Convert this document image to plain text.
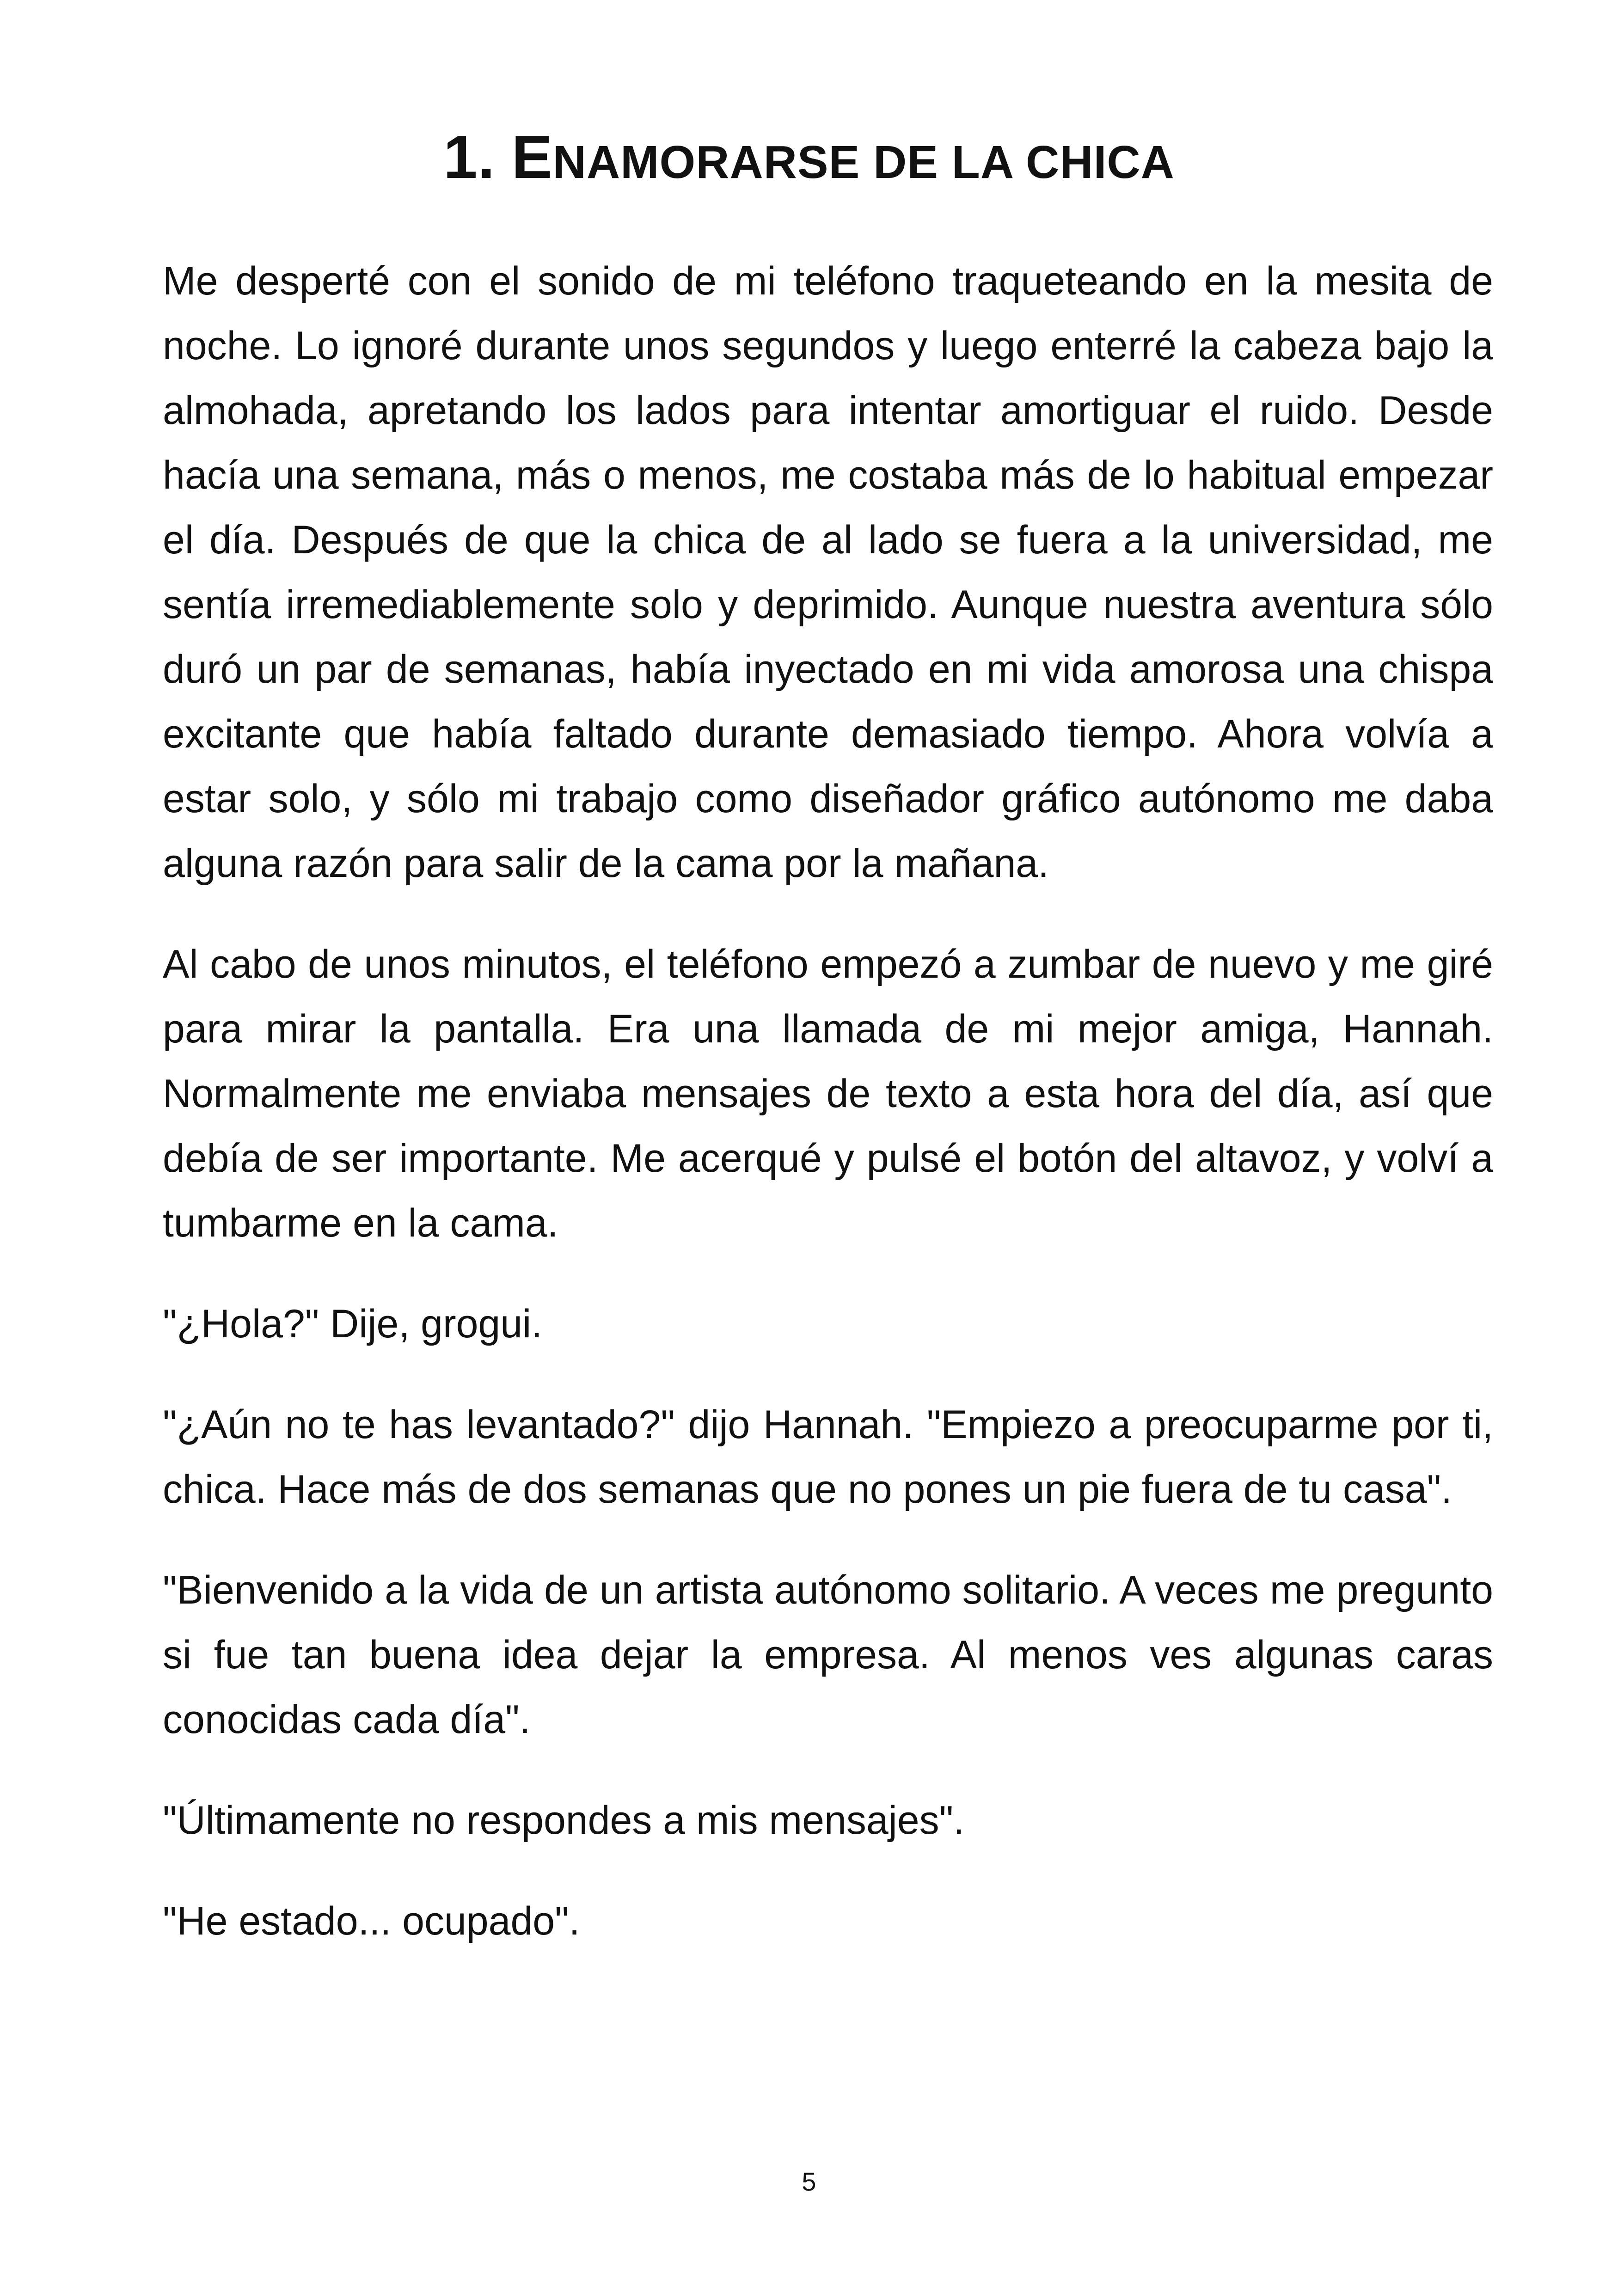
1. ENAMORARSE DE LA CHICA

Me desperté con el sonido de mi teléfono traqueteando en la mesita de noche. Lo ignoré durante unos segundos y luego enterré la cabeza bajo la almohada, apretando los lados para intentar amortiguar el ruido. Desde hacía una semana, más o menos, me costaba más de lo habitual empezar el día. Después de que la chica de al lado se fuera a la universidad, me sentía irremediablemente solo y deprimido. Aunque nuestra aventura sólo duró un par de semanas, había inyectado en mi vida amorosa una chispa excitante que había faltado durante demasiado tiempo. Ahora volvía a estar solo, y sólo mi trabajo como diseñador gráfico autónomo me daba alguna razón para salir de la cama por la mañana.

Al cabo de unos minutos, el teléfono empezó a zumbar de nuevo y me giré para mirar la pantalla. Era una llamada de mi mejor amiga, Hannah. Normalmente me enviaba mensajes de texto a esta hora del día, así que debía de ser importante. Me acerqué y pulsé el botón del altavoz, y volví a tumbarme en la cama.

"¿Hola?" Dije, grogui.

"¿Aún no te has levantado?" dijo Hannah. "Empiezo a preocuparme por ti, chica. Hace más de dos semanas que no pones un pie fuera de tu casa".

"Bienvenido a la vida de un artista autónomo solitario. A veces me pregunto si fue tan buena idea dejar la empresa. Al menos ves algunas caras conocidas cada día".

"Últimamente no respondes a mis mensajes".

"He estado... ocupado".

5
